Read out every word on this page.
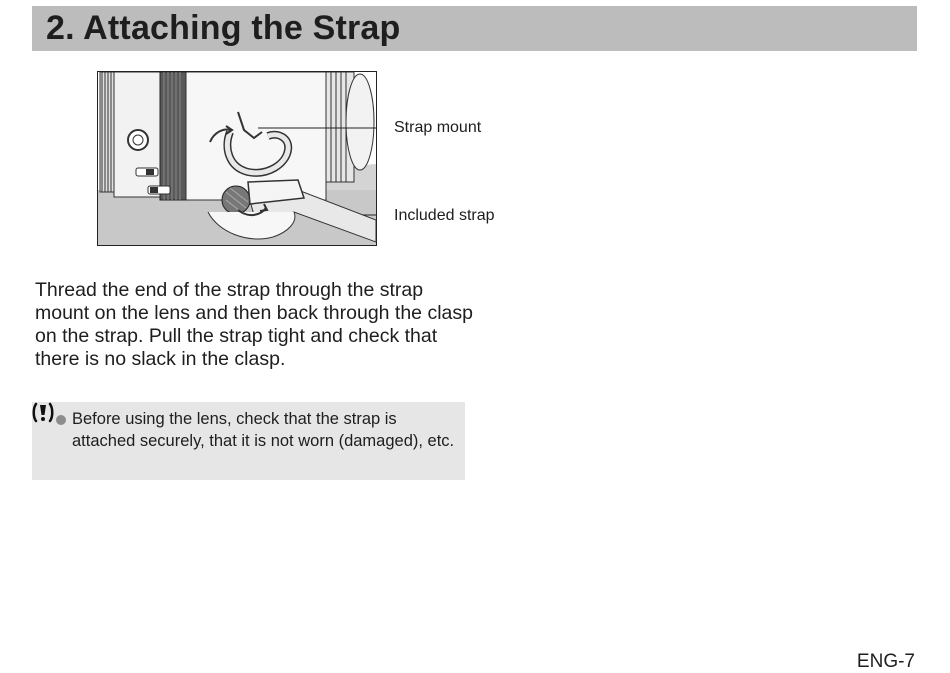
2. Attaching the Strap
Strap mount
Included strap
Thread the end of the strap through the strap mount on the lens and then back through the clasp on the strap. Pull the strap tight and check that there is no slack in the clasp.
Before using the lens, check that the strap is attached securely, that it is not worn (damaged), etc.
ENG-7
